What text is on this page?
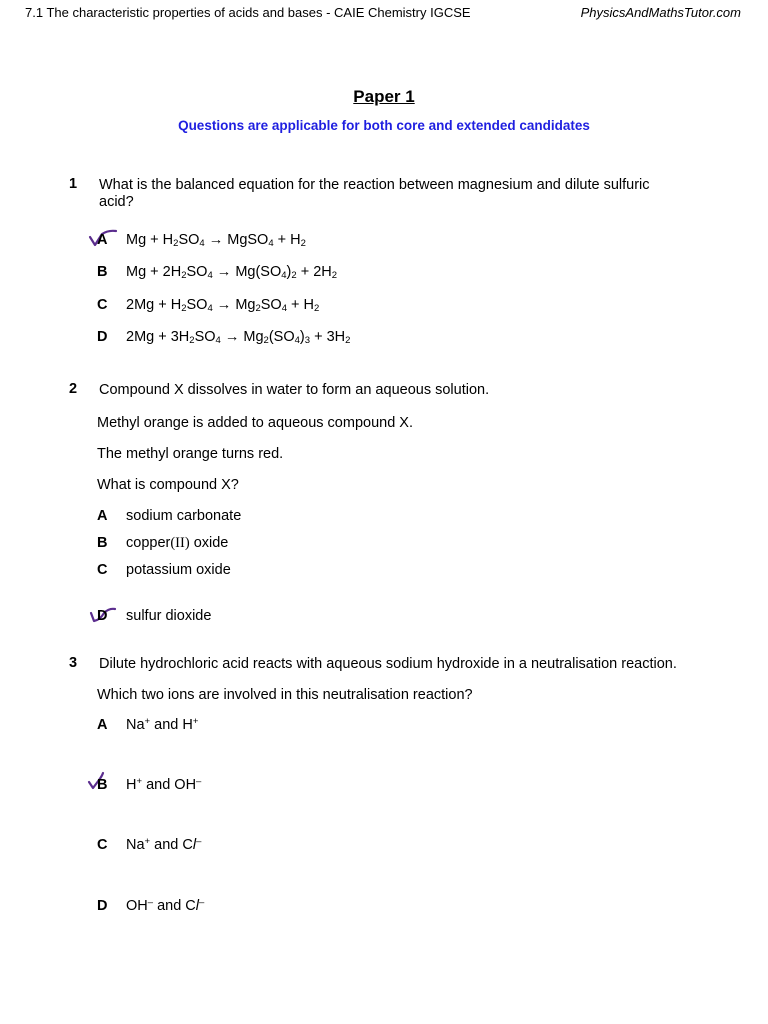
7.1 The characteristic properties of acids and bases - CAIE Chemistry IGCSE	PhysicsAndMathsTutor.com
Paper 1
Questions are applicable for both core and extended candidates
1 What is the balanced equation for the reaction between magnesium and dilute sulfuric
acid?
A	$Mg + H_2SO_4$ → MgSO$_4$ + $H_2$
B	$Mg + 2H_2SO_4 \to Mg(SO_4)_2 + 2H_2$
C	$2Mg + H_2SO_4 \to Mg_2SO_4 + H_2$
D	$2Mg + 3H_2SO_4 \to Mg_2(SO_4)_3 + 3H_2$
2 Compound X dissolves in water to form an aqueous solution.
Methyl orange is added to aqueous compound X.
The methyl orange turns red.
What is compound X?
A	sodium carbonate
B	copper(II) oxide
C	potassium oxide
D	sulfur dioxide
3 Dilute hydrochloric acid reacts with aqueous sodium hydroxide in a neutralisation reaction.
Which two ions are involved in this neutralisation reaction?
A	Na+ and H+
B	H+ and OH–
C	Na+ and Cl–
D	OH– and Cl–
